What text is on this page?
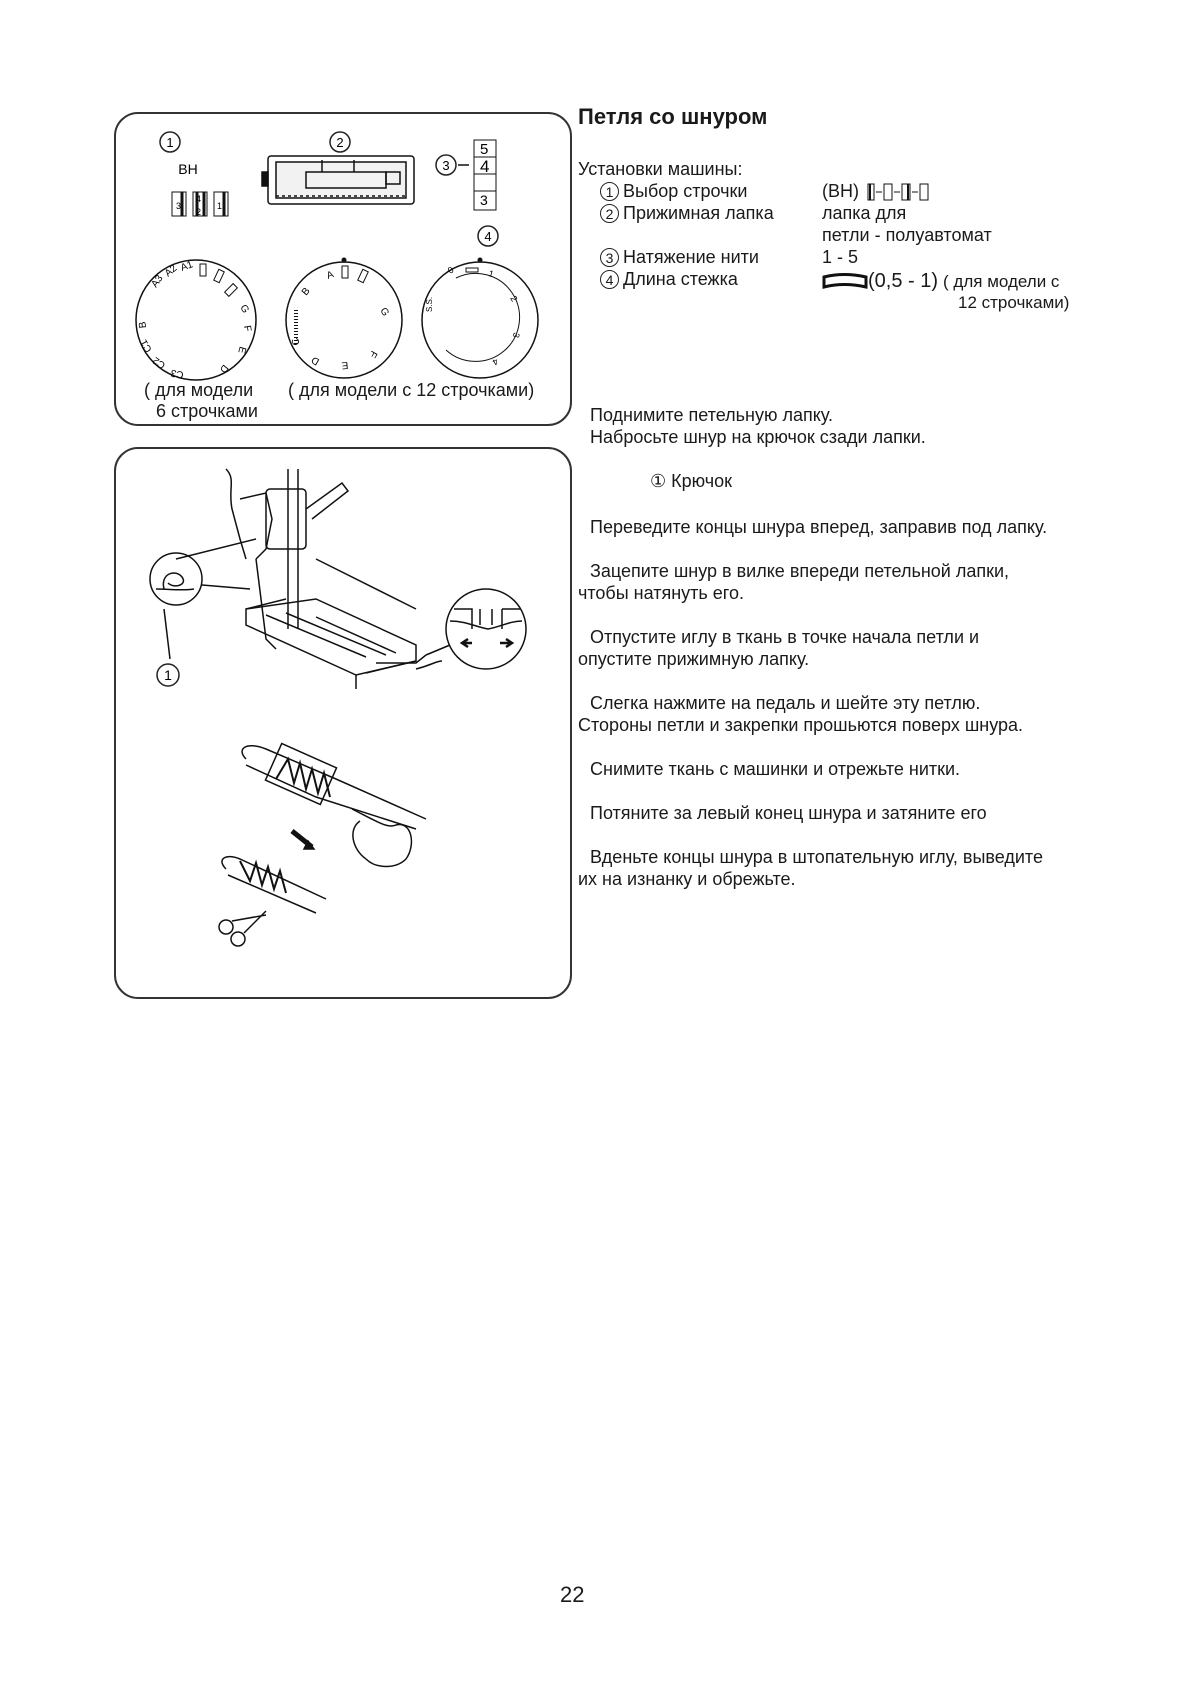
1
ВН
3
4
2
1
2
3
5
4
3
4
A3
A2 A1
G
F
E
D
C3
C2
C1
B
A
B
G
F
E
D
C
0	1
2
3
4
S.S.
( для модели
6 строчками
( для модели с 12 строчками)
1
Петля со шнуром
Установки машины:
1 Выбор строчки	(ВН)
2 Прижимная лапка	лапка для
петли - полуавтомат
3 Натяжение нити	1 - 5
4 Длина стежка	(0,5 - 1) ( для модели с
12 строчками)
Поднимите петельную лапку.
Набросьте шнур на крючок сзади лапки.
① Крючок
Переведите концы шнура вперед, заправив под лапку.
Зацепите шнур в вилке впереди петельной лапки,
чтобы натянуть его.
Отпустите иглу в ткань в точке начала петли и
опустите прижимную лапку.
Слегка нажмите на педаль и шейте эту петлю.
Стороны петли и закрепки прошьются поверх шнура.
Снимите ткань с машинки и отрежьте нитки.
Потяните за левый конец шнура и затяните его
Вденьте концы шнура в штопательную иглу, выведите
их на изнанку и обрежьте.
22
